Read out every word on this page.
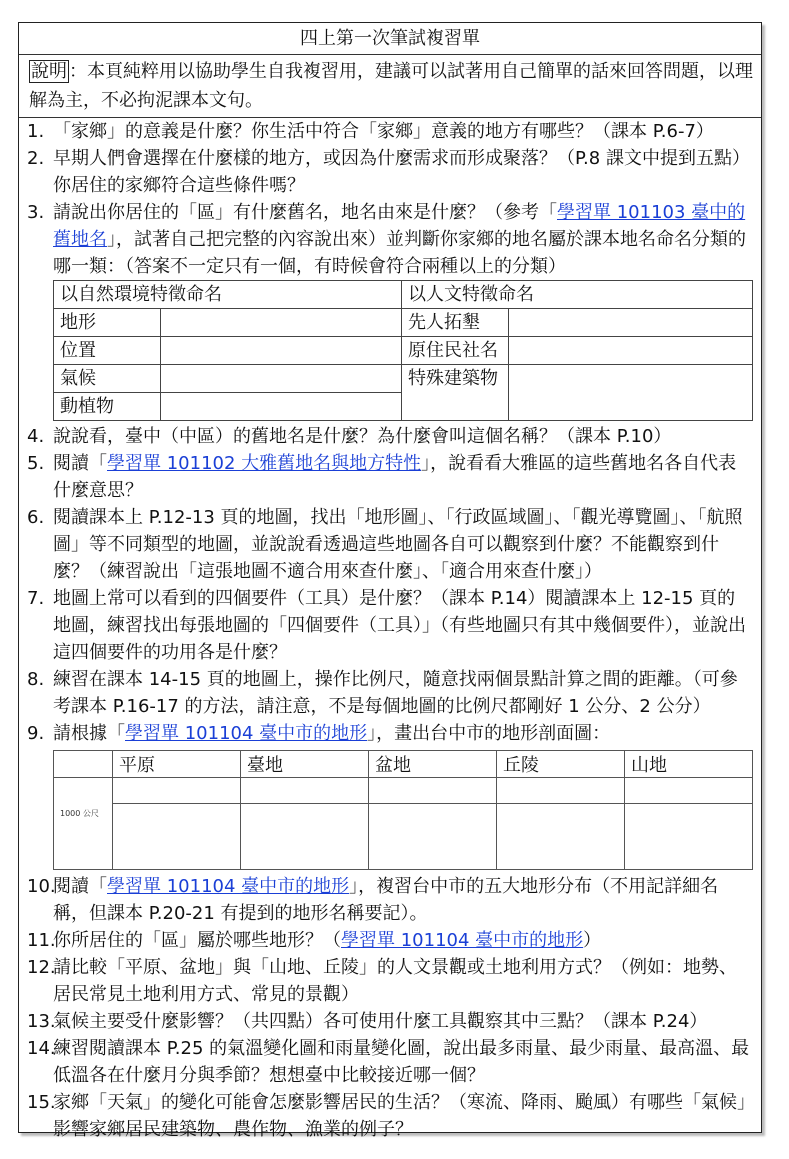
四上第一次筆試複習單
說明 ：本頁純粹用以協助學生自我複習用，建議可以試著用自己簡單的話來回答問題，以理解為主，不必拘泥課本文句。
1. 「家鄉」的意義是什麼？你生活中符合「家鄉」意義的地方有哪些？（課本 P.6-7）
2. 早期人們會選擇在什麼樣的地方，或因為什麼需求而形成聚落？（P.8 課文中提到五點）你居住的家鄉符合這些條件嗎？
3. 請說出你居住的「區」有什麼舊名，地名由來是什麼？（參考「學習單 101103 臺中的舊地名」，試著自己把完整的內容說出來）並判斷你家鄉的地名屬於課本地名命名分類的哪一類：（答案不一定只有一個，有時候會符合兩種以上的分類）
以自然環境特徵命名		以人文特徵命名	
地形		先人拓墾	
位置		原住民社名	
氣候		特殊建築物	
動植物			
4. 說說看，臺中（中區）的舊地名是什麼？為什麼會叫這個名稱？（課本 P.10）
5. 閱讀「學習單 101102 大雅舊地名與地方特性」，說看看大雅區的這些舊地名各自代表什麼意思？
6. 閱讀課本上 P.12-13 頁的地圖，找出「地形圖」、「行政區域圖」、「觀光導覽圖」、「航照圖」等不同類型的地圖，並說說看透過這些地圖各自可以觀察到什麼？不能觀察到什麼？（練習說出「這張地圖不適合用來查什麼」、「適合用來查什麼」）
7. 地圖上常可以看到的四個要件（工具）是什麼？（課本 P.14）閱讀課本上 12-15 頁的地圖，練習找出每張地圖的「四個要件（工具）」（有些地圖只有其中幾個要件），並說出這四個要件的功用各是什麼？
8. 練習在課本 14-15 頁的地圖上，操作比例尺，隨意找兩個景點計算之間的距離。（可參考課本 P.16-17 的方法，請注意，不是每個地圖的比例尺都剛好 1 公分、2 公分）
9. 請根據「學習單 101104 臺中市的地形」，畫出台中市的地形剖面圖：
	平原	臺地	盆地	丘陵	山地
1000 公尺					

10.
閱讀「學習單 101104 臺中市的地形」，複習台中市的五大地形分布（不用記詳細名稱，但課本 P.20-21 有提到的地形名稱要記）。
11.
你所居住的「區」屬於哪些地形？（學習單 101104 臺中市的地形）
12.
請比較「平原、盆地」與「山地、丘陵」的人文景觀或土地利用方式？（例如：地勢、居民常見土地利用方式、常見的景觀）
13.
氣候主要受什麼影響？（共四點）各可使用什麼工具觀察其中三點？（課本 P.24）
14.
練習閱讀課本 P.25 的氣溫變化圖和雨量變化圖，說出最多雨量、最少雨量、最高溫、最低溫各在什麼月分與季節？想想臺中比較接近哪一個？
15.
家鄉「天氣」的變化可能會怎麼影響居民的生活？（寒流、降雨、颱風）有哪些「氣候」影響家鄉居民建築物、農作物、漁業的例子？
